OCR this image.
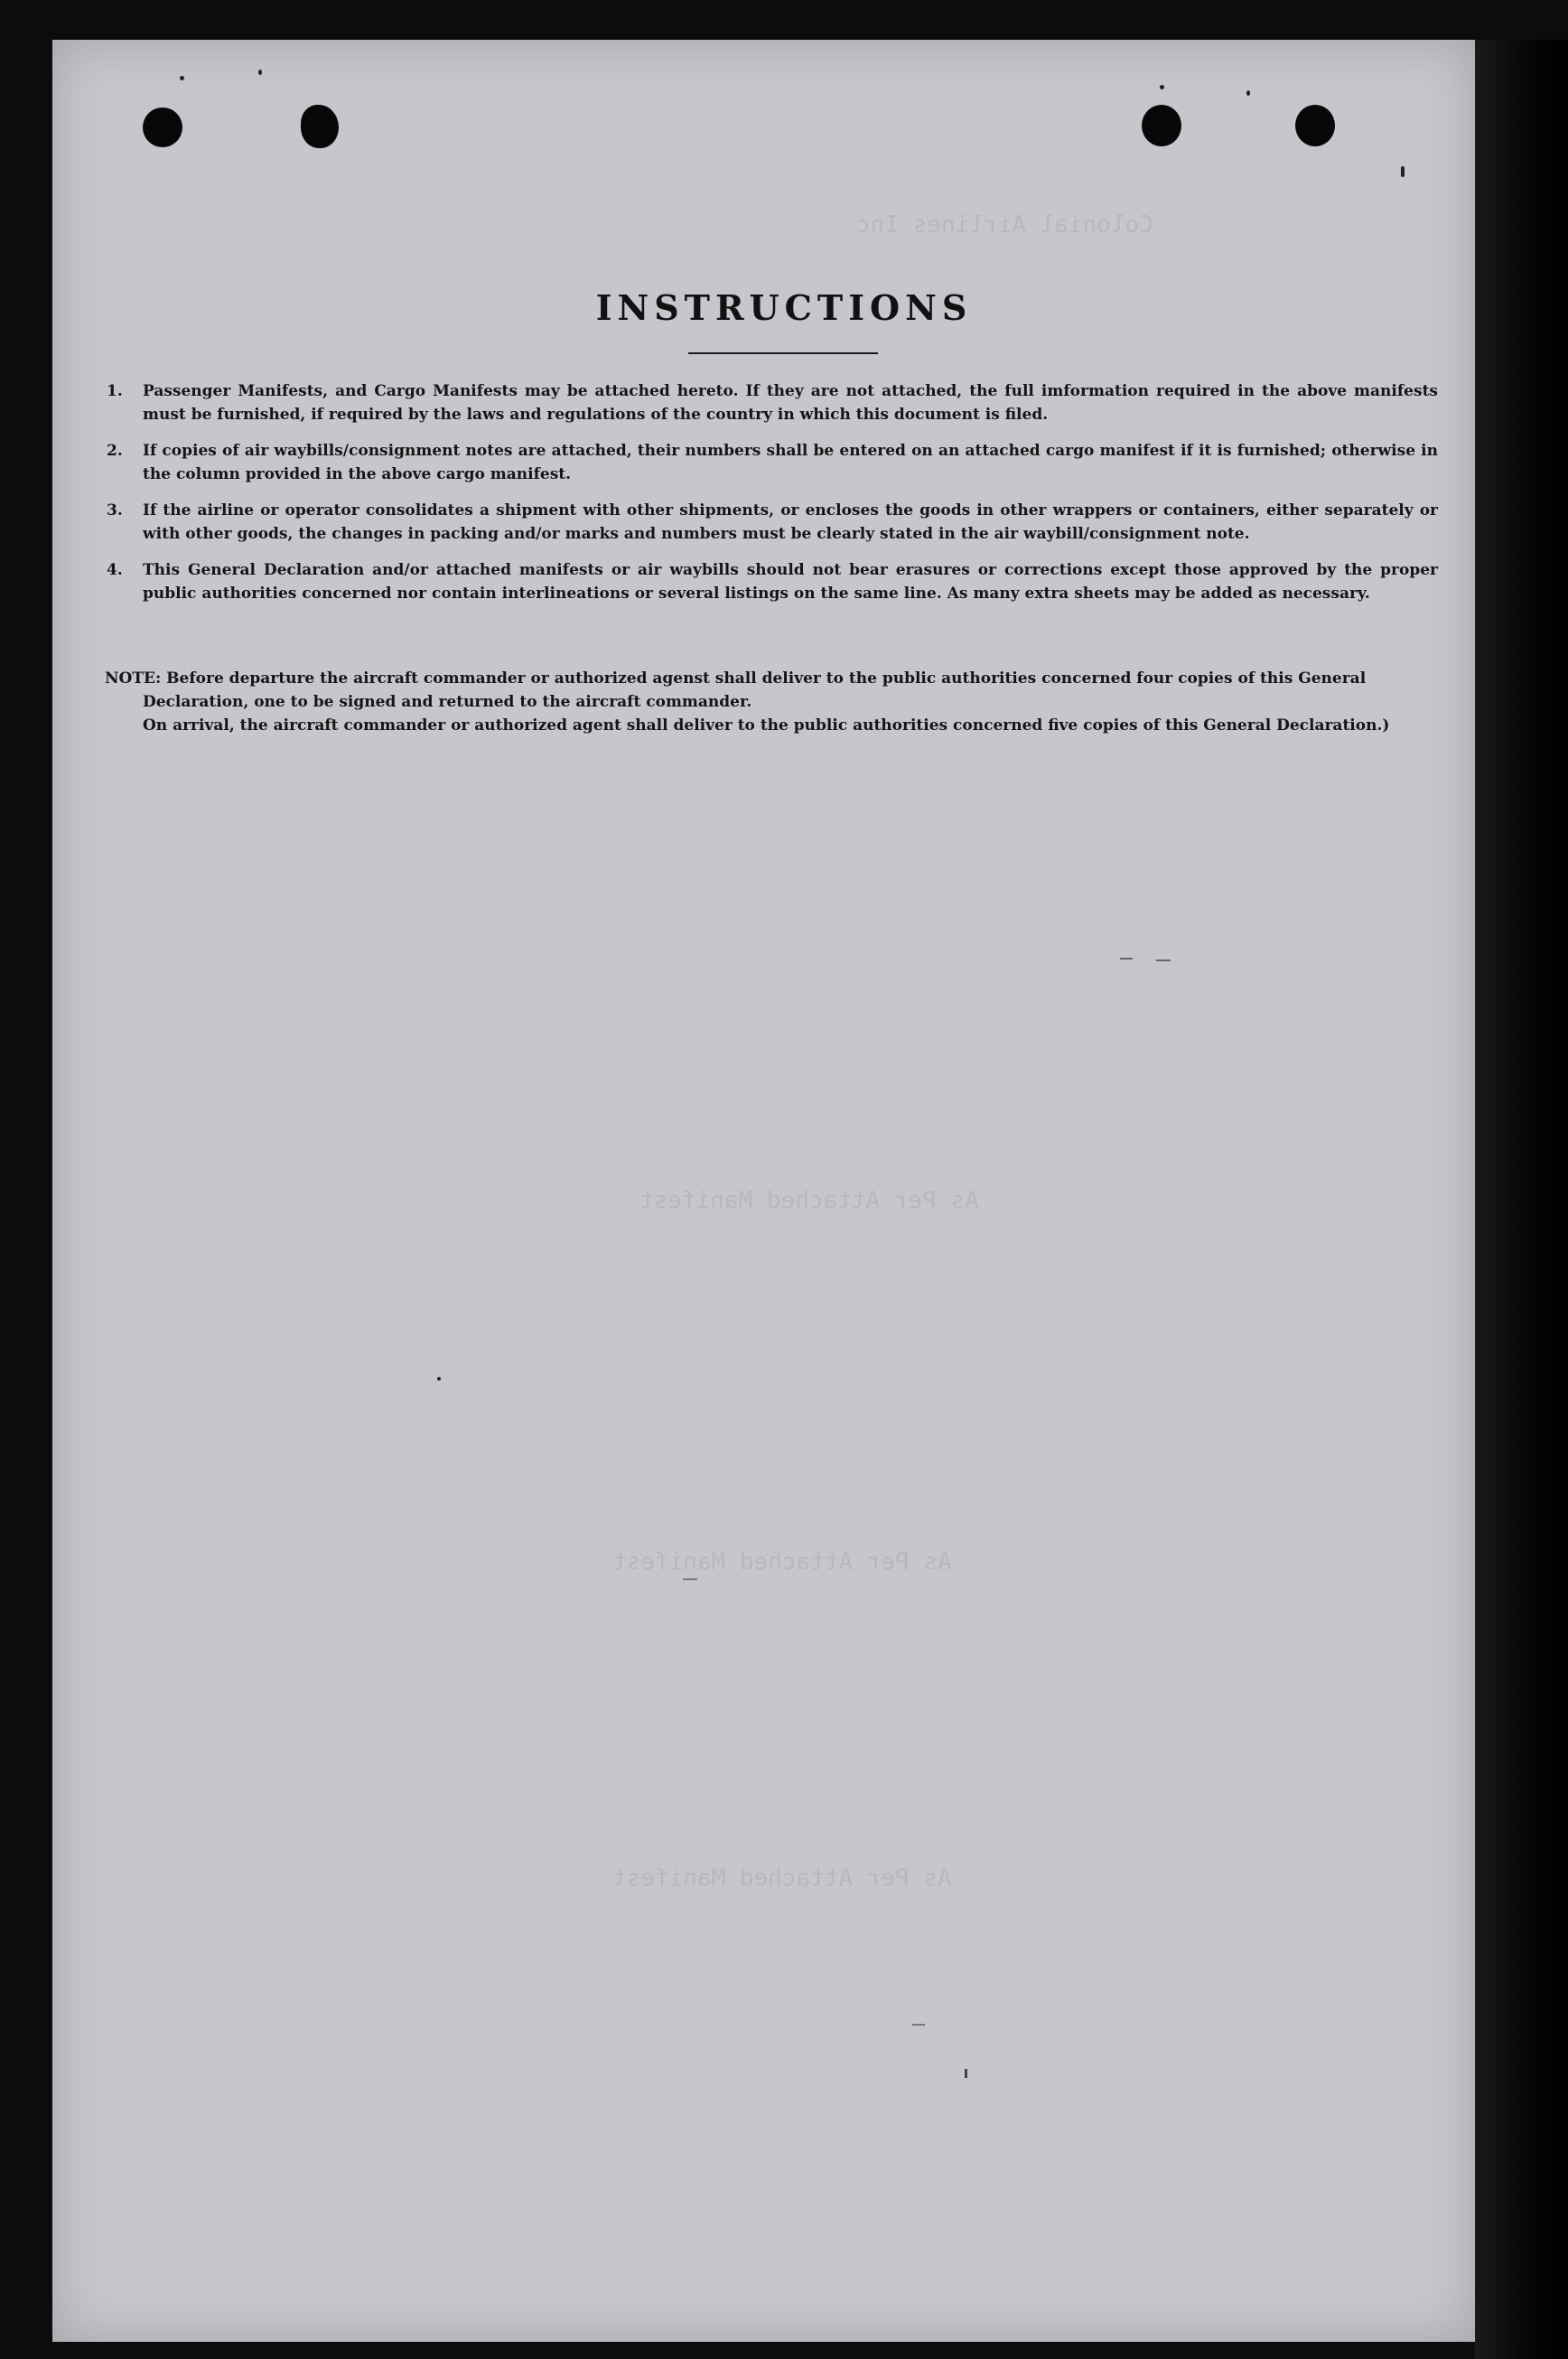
Colonial Airlines Inc
As Per Attached Manifest
As Per Attached Manifest
As Per Attached Manifest
INSTRUCTIONS
1. Passenger Manifests, and Cargo Manifests may be attached hereto. If they are not attached, the full imformation required in the above manifests must be furnished, if required by the laws and regulations of the country in which this document is filed.
2. If copies of air waybills/consignment notes are attached, their numbers shall be entered on an attached cargo manifest if it is furnished; otherwise in the column provided in the above cargo manifest.
3. If the airline or operator consolidates a shipment with other shipments, or encloses the goods in other wrappers or containers, either separately or with other goods, the changes in packing and/or marks and numbers must be clearly stated in the air waybill/consignment note.
4. This General Declaration and/or attached manifests or air waybills should not bear erasures or corrections except those approved by the proper public authorities concerned nor contain interlineations or several listings on the same line. As many extra sheets may be added as necessary.

NOTE: Before departure the aircraft commander or authorized agenst shall deliver to the public authorities concerned four copies of this General Declaration, one to be signed and returned to the aircraft commander.

On arrival, the aircraft commander or authorized agent shall deliver to the public authorities concerned five copies of this General Declaration.)
